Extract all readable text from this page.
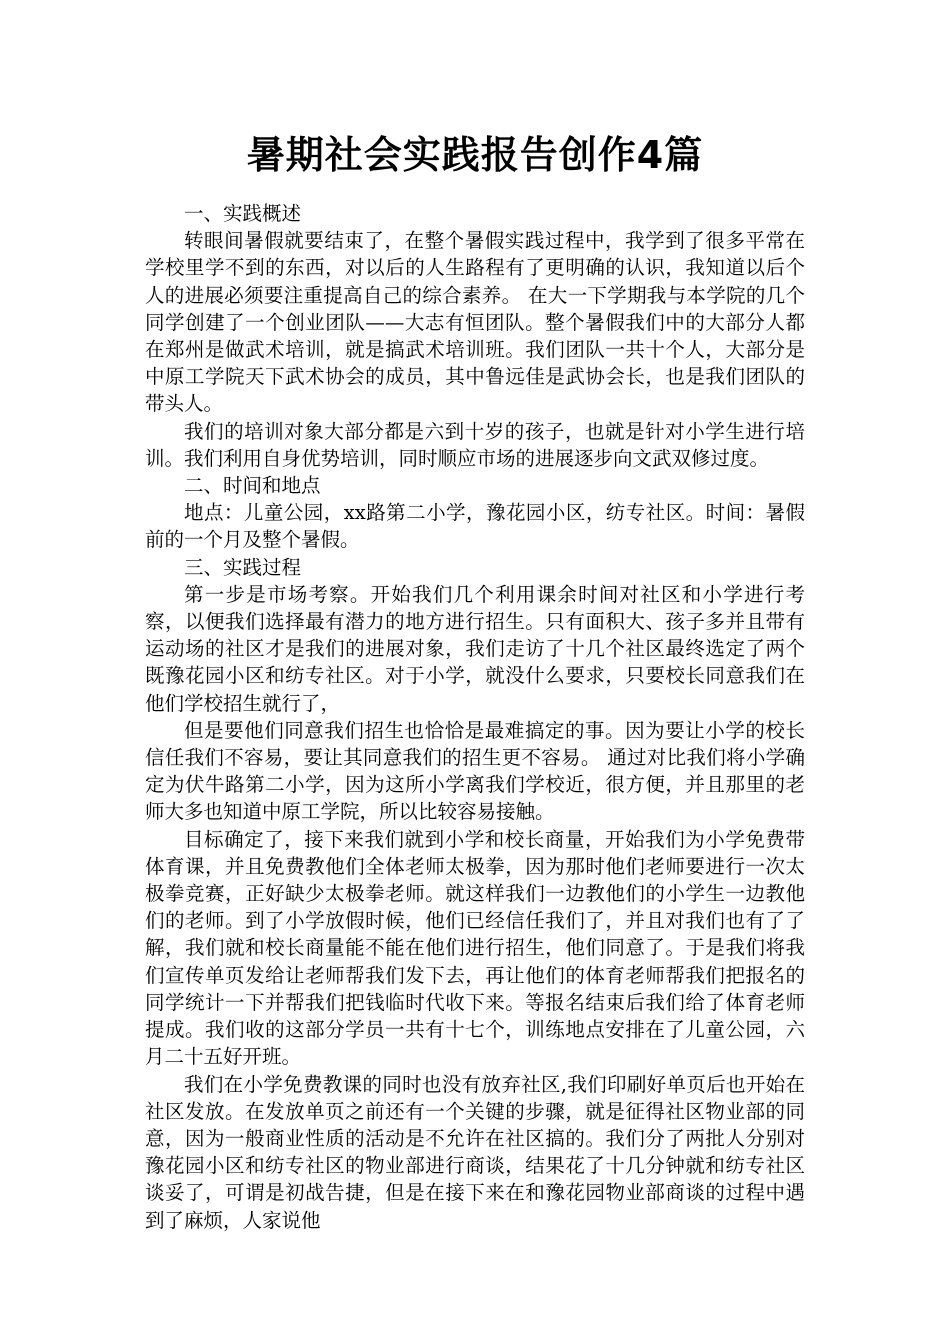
暑期社会实践报告创作4篇

一、实践概述

转眼间暑假就要结束了，在整个暑假实践过程中，我学到了很多平常在学校里学不到的东西，对以后的人生路程有了更明确的认识，我知道以后个人的进展必须要注重提高自己的综合素养。 在大一下学期我与本学院的几个同学创建了一个创业团队——大志有恒团队。整个暑假我们中的大部分人都在郑州是做武术培训，就是搞武术培训班。我们团队一共十个人，大部分是中原工学院天下武术协会的成员，其中鲁远佳是武协会长，也是我们团队的带头人。

我们的培训对象大部分都是六到十岁的孩子，也就是针对小学生进行培训。我们利用自身优势培训，同时顺应市场的进展逐步向文武双修过度。

二、时间和地点

地点：儿童公园，xx路第二小学，豫花园小区，纺专社区。时间：暑假前的一个月及整个暑假。

三、实践过程

第一步是市场考察。开始我们几个利用课余时间对社区和小学进行考察，以便我们选择最有潜力的地方进行招生。只有面积大、孩子多并且带有运动场的社区才是我们的进展对象，我们走访了十几个社区最终选定了两个既豫花园小区和纺专社区。对于小学，就没什么要求，只要校长同意我们在他们学校招生就行了，

但是要他们同意我们招生也恰恰是最难搞定的事。因为要让小学的校长信任我们不容易，要让其同意我们的招生更不容易。 通过对比我们将小学确定为伏牛路第二小学，因为这所小学离我们学校近，很方便，并且那里的老师大多也知道中原工学院，所以比较容易接触。

目标确定了，接下来我们就到小学和校长商量，开始我们为小学免费带体育课，并且免费教他们全体老师太极拳，因为那时他们老师要进行一次太极拳竞赛，正好缺少太极拳老师。就这样我们一边教他们的小学生一边教他们的老师。到了小学放假时候，他们已经信任我们了，并且对我们也有了了解，我们就和校长商量能不能在他们进行招生，他们同意了。于是我们将我们宣传单页发给让老师帮我们发下去，再让他们的体育老师帮我们把报名的同学统计一下并帮我们把钱临时代收下来。等报名结束后我们给了体育老师提成。我们收的这部分学员一共有十七个，训练地点安排在了儿童公园，六月二十五好开班。

我们在小学免费教课的同时也没有放弃社区,我们印刷好单页后也开始在社区发放。在发放单页之前还有一个关键的步骤，就是征得社区物业部的同意，因为一般商业性质的活动是不允许在社区搞的。我们分了两批人分别对豫花园小区和纺专社区的物业部进行商谈，结果花了十几分钟就和纺专社区谈妥了，可谓是初战告捷，但是在接下来在和豫花园物业部商谈的过程中遇到了麻烦，人家说他
